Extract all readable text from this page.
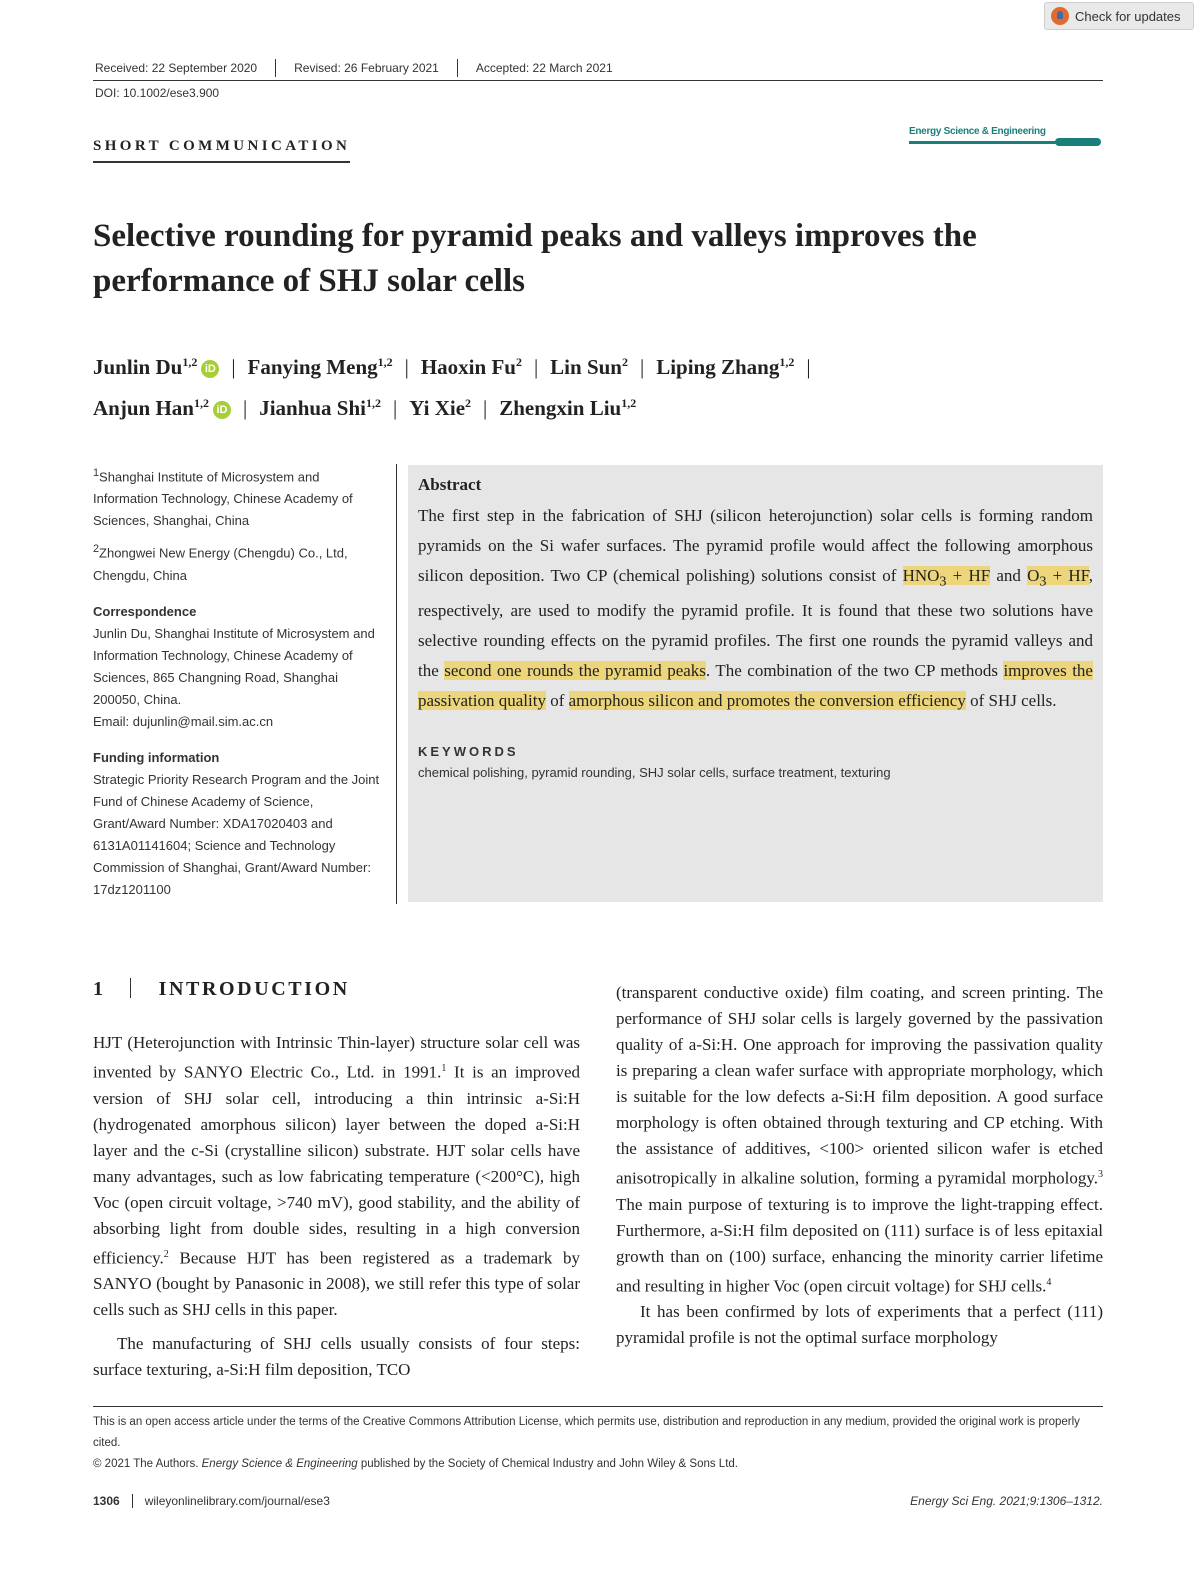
Check for updates
Received: 22 September 2020	Revised: 26 February 2021	Accepted: 22 March 2021
DOI: 10.1002/ese3.900
SHORT COMMUNICATION
Energy Science & Engineering
Selective rounding for pyramid peaks and valleys improves the performance of SHJ solar cells
Junlin Du$^{1,2}$ iD | Fanying Meng$^{1,2}$ | Haoxin Fu$^2$ | Lin Sun$^2$ | Liping Zhang$^{1,2}$ |
Anjun Han$^{1,2}$ iD | Jianhua Shi$^{1,2}$ | Yi Xie$^2$ | Zhengxin Liu$^{1,2}$

$^1$Shanghai Institute of Microsystem and Information Technology, Chinese Academy of Sciences, Shanghai, China

$^2$Zhongwei New Energy (Chengdu) Co., Ltd, Chengdu, China

Correspondence

Junlin Du, Shanghai Institute of Microsystem and Information Technology, Chinese Academy of Sciences, 865 Changning Road, Shanghai 200050, China.

Email: dujunlin@mail.sim.ac.cn

Funding information

Strategic Priority Research Program and the Joint Fund of Chinese Academy of Science, Grant/Award Number: XDA17020403 and 6131A01141604; Science and Technology Commission of Shanghai, Grant/Award Number: 17dz1201100

Abstract
The first step in the fabrication of SHJ (silicon heterojunction) solar cells is forming random pyramids on the Si wafer surfaces. The pyramid profile would affect the following amorphous silicon deposition. Two CP (chemical polishing) solutions consist of $HNO_3$ + HF and $O_3$ + HF, respectively, are used to modify the pyramid profile. It is found that these two solutions have selective rounding effects on the pyramid profiles. The first one rounds the pyramid valleys and the second one rounds the pyramid peaks. The combination of the two CP methods improves the passivation quality of amorphous silicon and promotes the conversion efficiency of SHJ cells.
KEYWORDS
chemical polishing, pyramid rounding, SHJ solar cells, surface treatment, texturing
1	INTRODUCTION

HJT (Heterojunction with Intrinsic Thin-layer) structure solar cell was invented by SANYO Electric Co., Ltd. in 1991.$^1$ It is an improved version of SHJ solar cell, introducing a thin intrinsic a-Si:H (hydrogenated amorphous silicon) layer between the doped a-Si:H layer and the c-Si (crystalline silicon) substrate. HJT solar cells have many advantages, such as low fabricating temperature (<200°C), high Voc (open circuit voltage, >740 mV), good stability, and the ability of absorbing light from double sides, resulting in a high conversion efficiency.$^2$ Because HJT has been registered as a trademark by SANYO (bought by Panasonic in 2008), we still refer this type of solar cells such as SHJ cells in this paper.

The manufacturing of SHJ cells usually consists of four steps: surface texturing, a-Si:H film deposition, TCO

(transparent conductive oxide) film coating, and screen printing. The performance of SHJ solar cells is largely governed by the passivation quality of a-Si:H. One approach for improving the passivation quality is preparing a clean wafer surface with appropriate morphology, which is suitable for the low defects a-Si:H film deposition. A good surface morphology is often obtained through texturing and CP etching. With the assistance of additives, <100> oriented silicon wafer is etched anisotropically in alkaline solution, forming a pyramidal morphology.$^3$ The main purpose of texturing is to improve the light-trapping effect. Furthermore, a-Si:H film deposited on (111) surface is of less epitaxial growth than on (100) surface, enhancing the minority carrier lifetime and resulting in higher Voc (open circuit voltage) for SHJ cells.$^4$

It has been confirmed by lots of experiments that a perfect (111) pyramidal profile is not the optimal surface morphology

This is an open access article under the terms of the Creative Commons Attribution License, which permits use, distribution and reproduction in any medium, provided the original work is properly cited.

© 2021 The Authors. Energy Science & Engineering published by the Society of Chemical Industry and John Wiley & Sons Ltd.

1306	wileyonlinelibrary.com/journal/ese3	Energy Sci Eng. 2021;9:1306–1312.
